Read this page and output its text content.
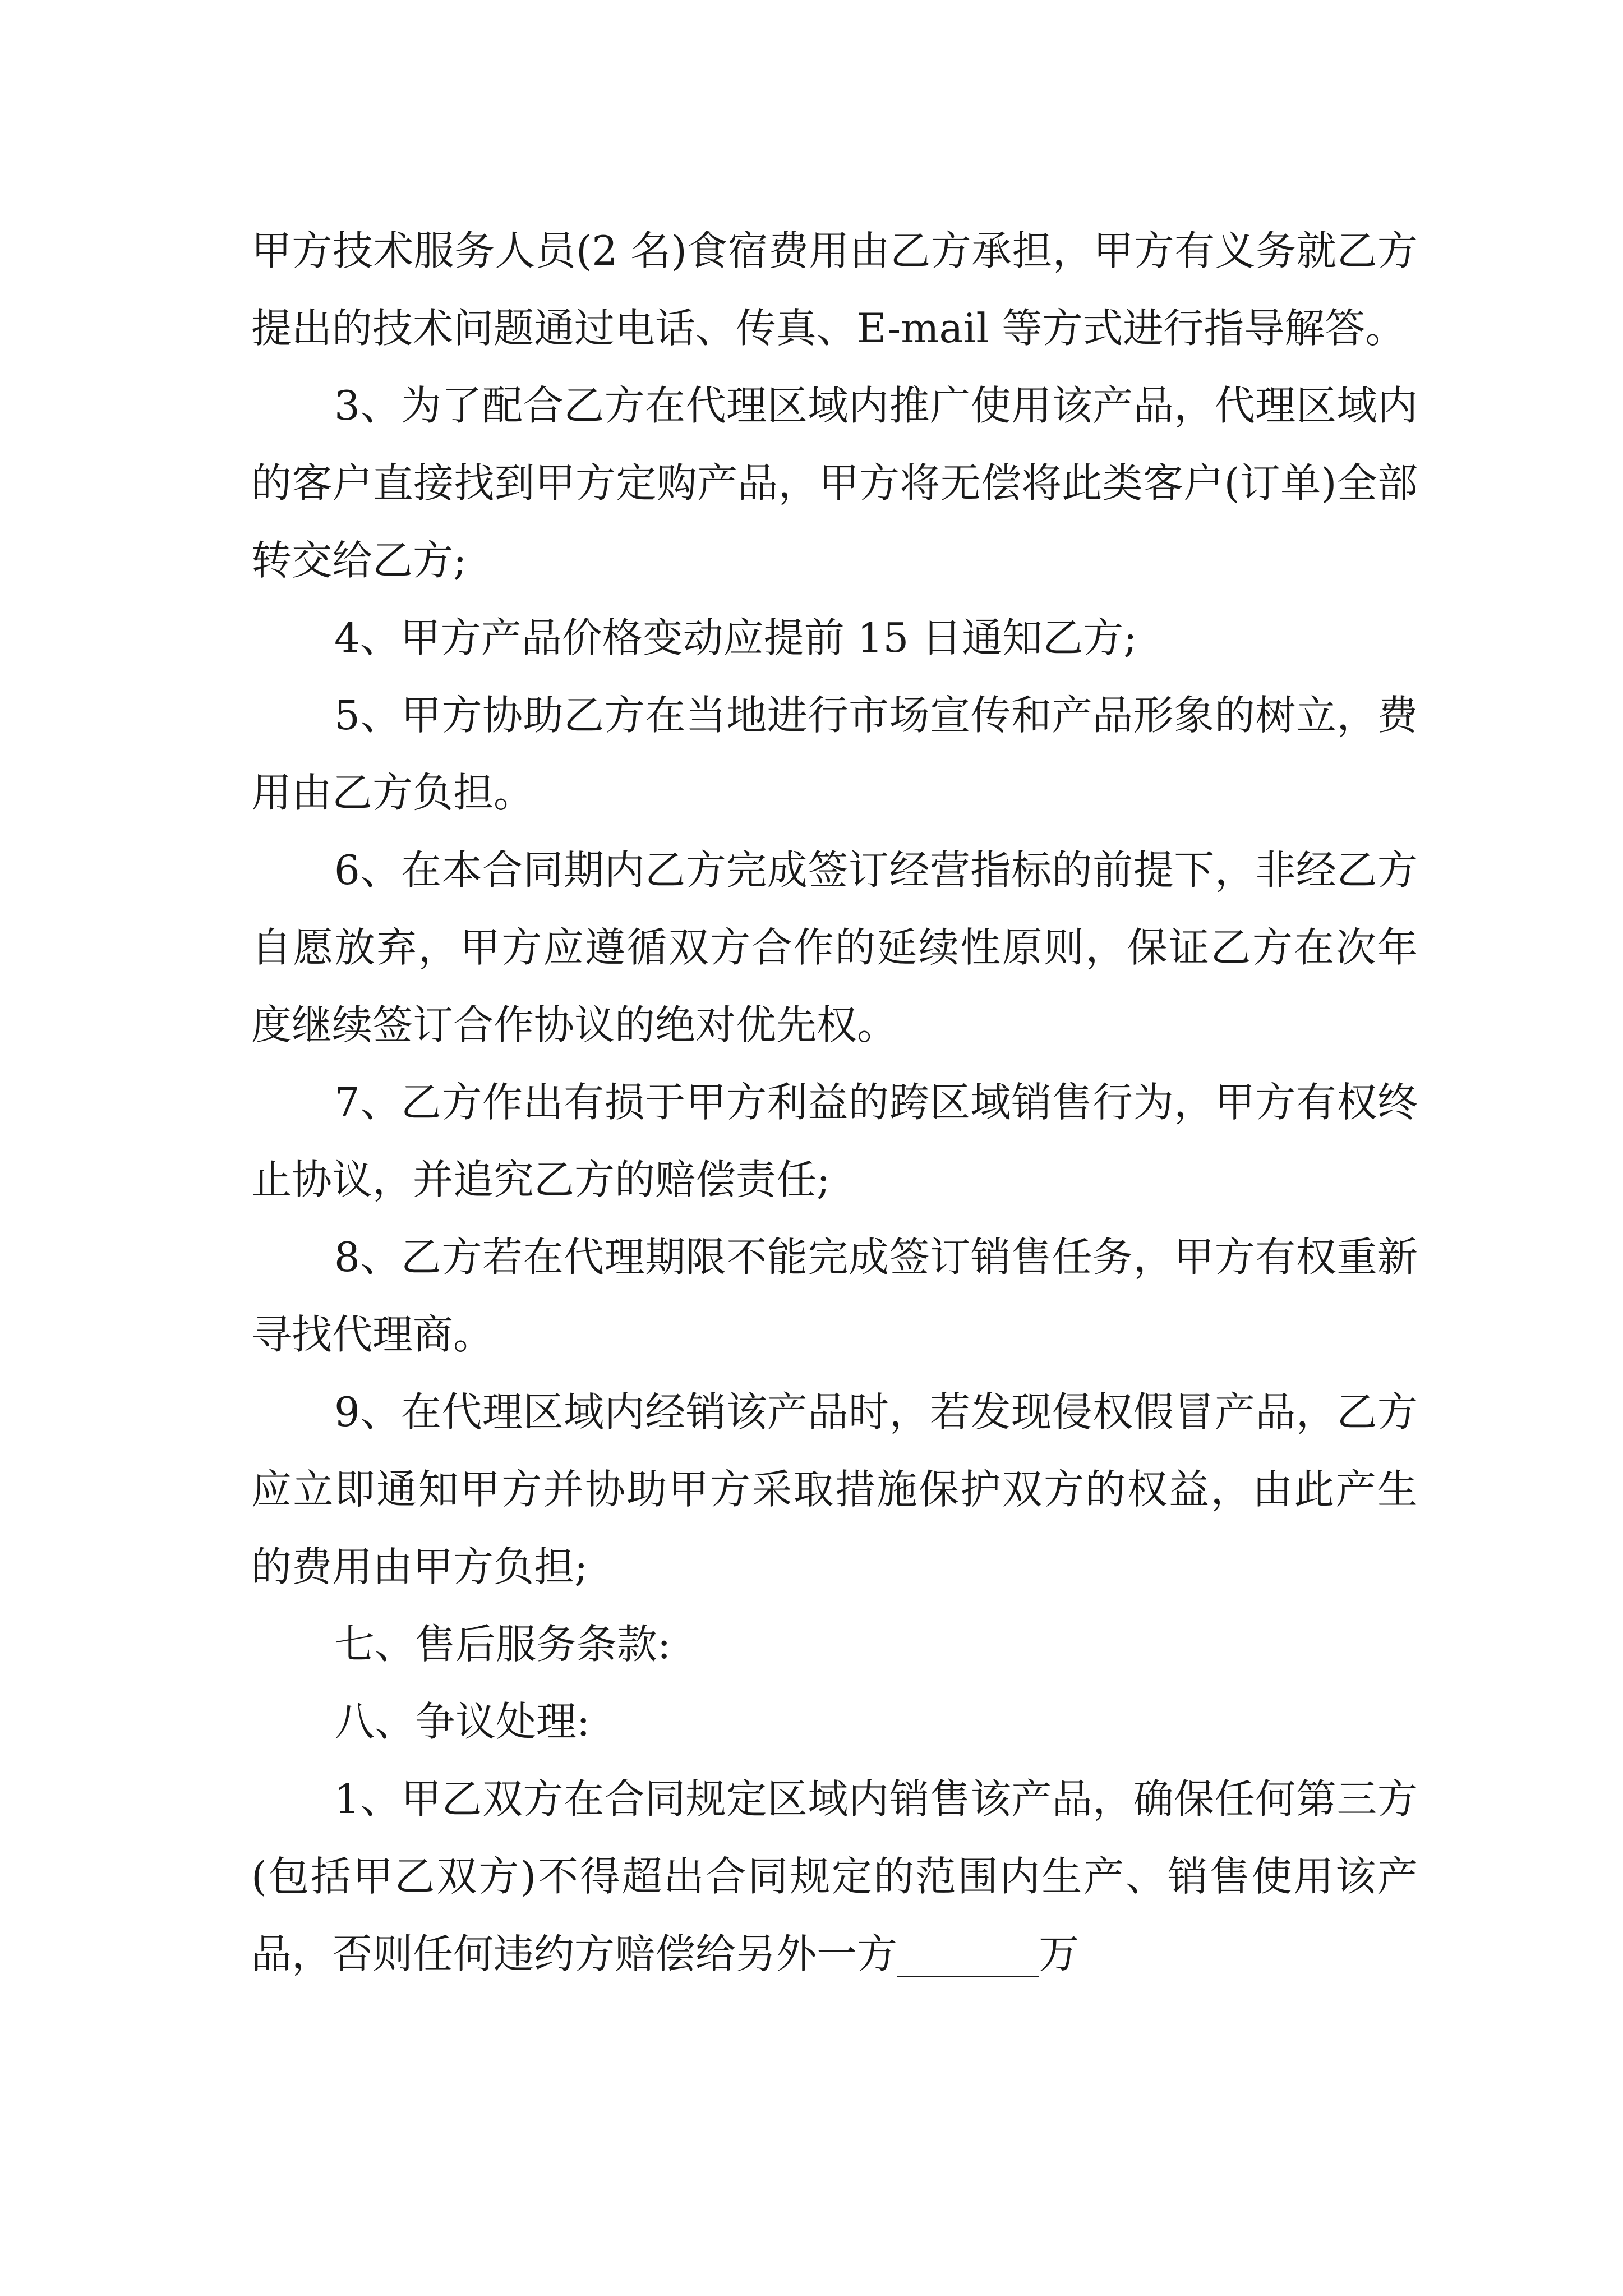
甲方技术服务人员(2 名)食宿费用由乙方承担，甲方有义务就乙方提出的技术问题通过电话、传真、E-mail 等方式进行指导解答。

3、为了配合乙方在代理区域内推广使用该产品，代理区域内的客户直接找到甲方定购产品，甲方将无偿将此类客户(订单)全部转交给乙方;

4、甲方产品价格变动应提前 15 日通知乙方;

5、甲方协助乙方在当地进行市场宣传和产品形象的树立，费用由乙方负担。

6、在本合同期内乙方完成签订经营指标的前提下，非经乙方自愿放弃，甲方应遵循双方合作的延续性原则，保证乙方在次年度继续签订合作协议的绝对优先权。

7、乙方作出有损于甲方利益的跨区域销售行为，甲方有权终止协议，并追究乙方的赔偿责任;

8、乙方若在代理期限不能完成签订销售任务，甲方有权重新寻找代理商。

9、在代理区域内经销该产品时，若发现侵权假冒产品，乙方应立即通知甲方并协助甲方采取措施保护双方的权益，由此产生的费用由甲方负担;

七、售后服务条款:

八、争议处理:

1、甲乙双方在合同规定区域内销售该产品，确保任何第三方(包括甲乙双方)不得超出合同规定的范围内生产、销售使用该产品，否则任何违约方赔偿给另外一方_______万
